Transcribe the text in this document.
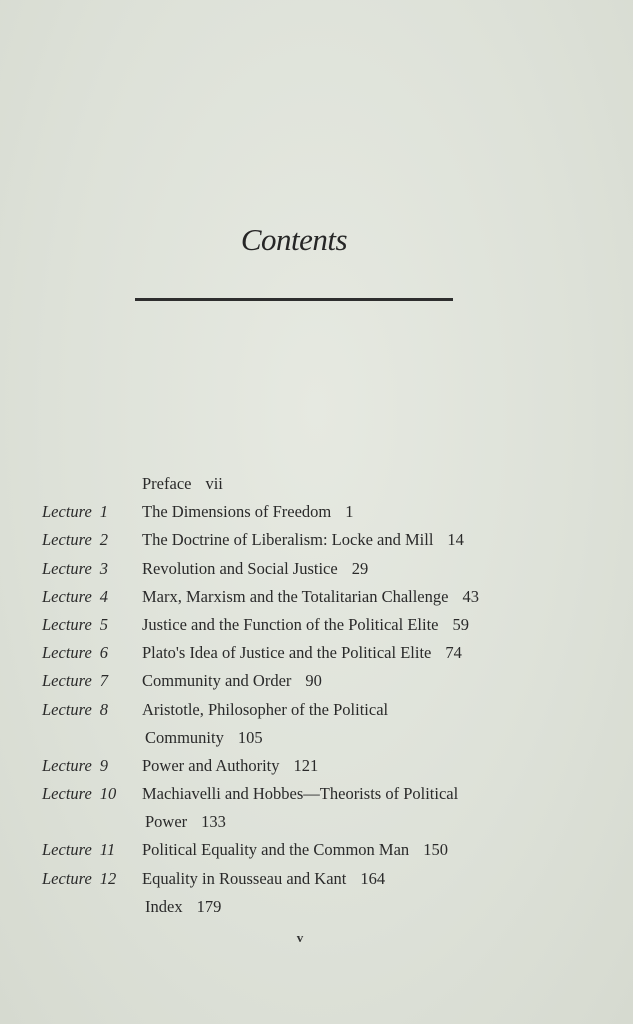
Contents
Preface vii
Lecture 1 The Dimensions of Freedom 1
Lecture 2 The Doctrine of Liberalism: Locke and Mill 14
Lecture 3 Revolution and Social Justice 29
Lecture 4 Marx, Marxism and the Totalitarian Challenge 43
Lecture 5 Justice and the Function of the Political Elite 59
Lecture 6 Plato's Idea of Justice and the Political Elite 74
Lecture 7 Community and Order 90
Lecture 8 Aristotle, Philosopher of the Political
Community 105
Lecture 9 Power and Authority 121
Lecture 10 Machiavelli and Hobbes—Theorists of Political
Power 133
Lecture 11 Political Equality and the Common Man 150
Lecture 12 Equality in Rousseau and Kant 164
Index 179
v
